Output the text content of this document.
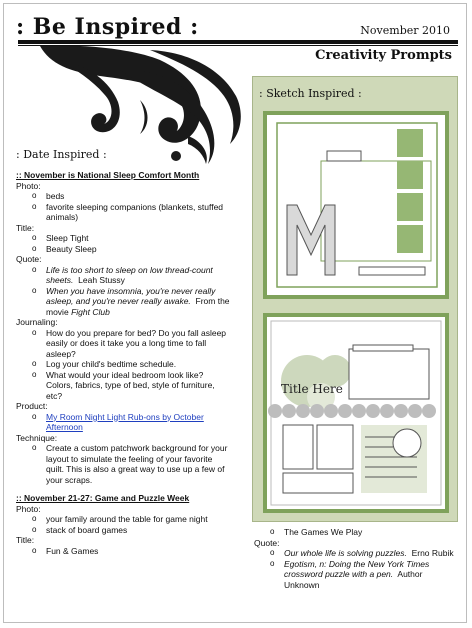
: Be Inspired :	November 2010
Creativity Prompts
: Date Inspired :
:: November is National Sleep Comfort Month
Photo:
o beds
o favorite sleeping companions (blankets, stuffed animals)
Title:
o Sleep Tight
o Beauty Sleep
Quote:
o Life is too short to sleep on low thread-count sheets. Leah Stussy
o When you have insomnia, you're never really asleep, and you're never really awake. From the movie Fight Club
Journaling:
o How do you prepare for bed? Do you fall asleep easily or does it take you a long time to fall asleep?
o Log your child's bedtime schedule.
o What would your ideal bedroom look like? Colors, fabrics, type of bed, style of furniture, etc?
Product:
o My Room Night Light Rub-ons by October Afternoon
Technique:
o Create a custom patchwork background for your layout to simulate the feeling of your favorite quilt. This is also a great way to use up a few of your scraps.
:: November 21-27: Game and Puzzle Week
Photo:
o your family around the table for game night
o stack of board games
Title:
o Fun & Games
: Sketch Inspired :
Title Here
o The Games We Play
Quote:
o Our whole life is solving puzzles. Erno Rubik
o Egotism, n: Doing the New York Times crossword puzzle with a pen. Author Unknown
